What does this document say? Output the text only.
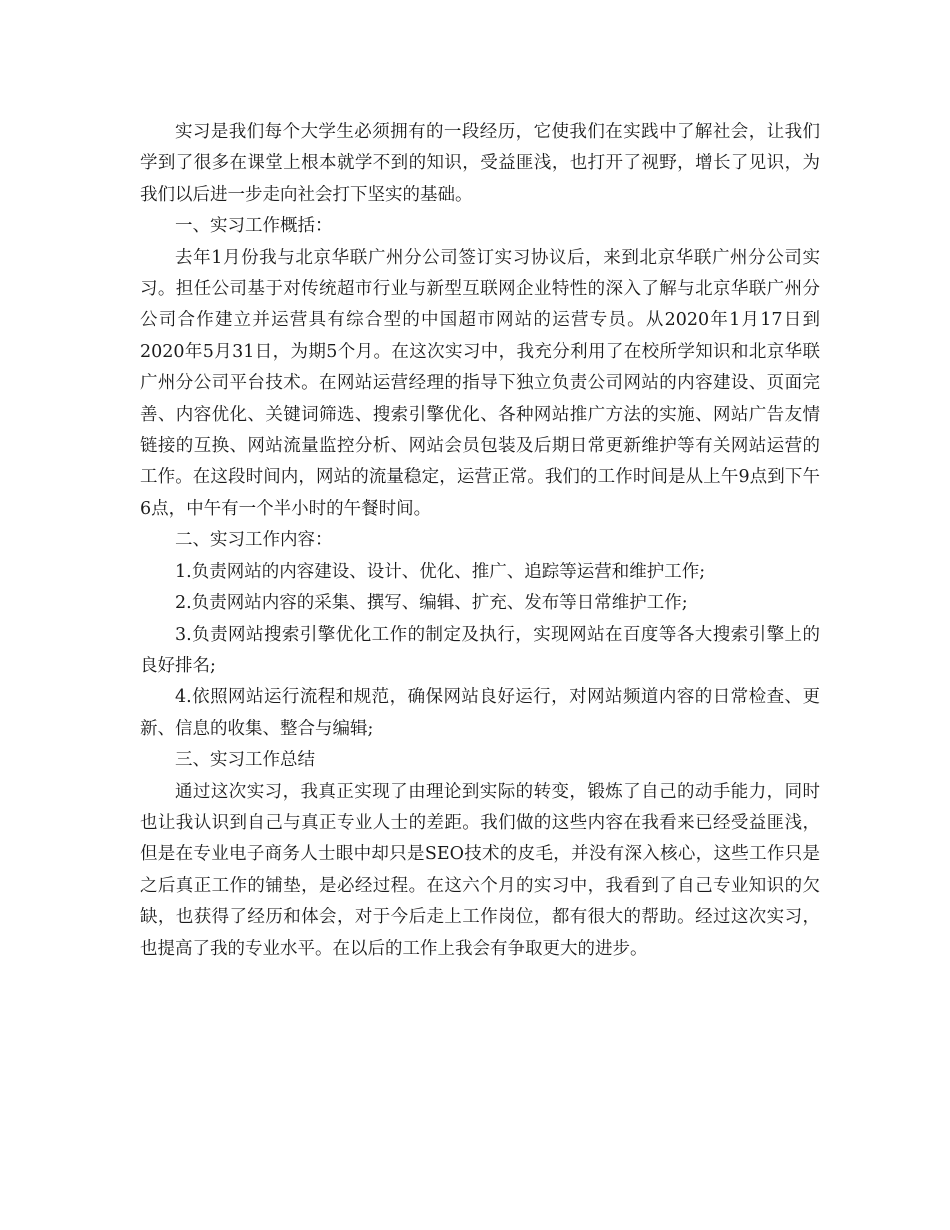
实习是我们每个大学生必须拥有的一段经历，它使我们在实践中了解社会，让我们学到了很多在课堂上根本就学不到的知识，受益匪浅，也打开了视野，增长了见识，为我们以后进一步走向社会打下坚实的基础。

一、实习工作概括：

去年1月份我与北京华联广州分公司签订实习协议后，来到北京华联广州分公司实习。担任公司基于对传统超市行业与新型互联网企业特性的深入了解与北京华联广州分公司合作建立并运营具有综合型的中国超市网站的运营专员。从2020年1月17日到2020年5月31日，为期5个月。在这次实习中，我充分利用了在校所学知识和北京华联广州分公司平台技术。在网站运营经理的指导下独立负责公司网站的内容建设、页面完善、内容优化、关键词筛选、搜索引擎优化、各种网站推广方法的实施、网站广告友情链接的互换、网站流量监控分析、网站会员包装及后期日常更新维护等有关网站运营的工作。在这段时间内，网站的流量稳定，运营正常。我们的工作时间是从上午9点到下午6点，中午有一个半小时的午餐时间。

二、实习工作内容：

1.负责网站的内容建设、设计、优化、推广、追踪等运营和维护工作;

2.负责网站内容的采集、撰写、编辑、扩充、发布等日常维护工作;

3.负责网站搜索引擎优化工作的制定及执行，实现网站在百度等各大搜索引擎上的良好排名;

4.依照网站运行流程和规范，确保网站良好运行，对网站频道内容的日常检查、更新、信息的收集、整合与编辑;

三、实习工作总结

通过这次实习，我真正实现了由理论到实际的转变，锻炼了自己的动手能力，同时也让我认识到自己与真正专业人士的差距。我们做的这些内容在我看来已经受益匪浅，但是在专业电子商务人士眼中却只是SEO技术的皮毛，并没有深入核心，这些工作只是之后真正工作的铺垫，是必经过程。在这六个月的实习中，我看到了自己专业知识的欠缺，也获得了经历和体会，对于今后走上工作岗位，都有很大的帮助。经过这次实习，也提高了我的专业水平。在以后的工作上我会有争取更大的进步。
